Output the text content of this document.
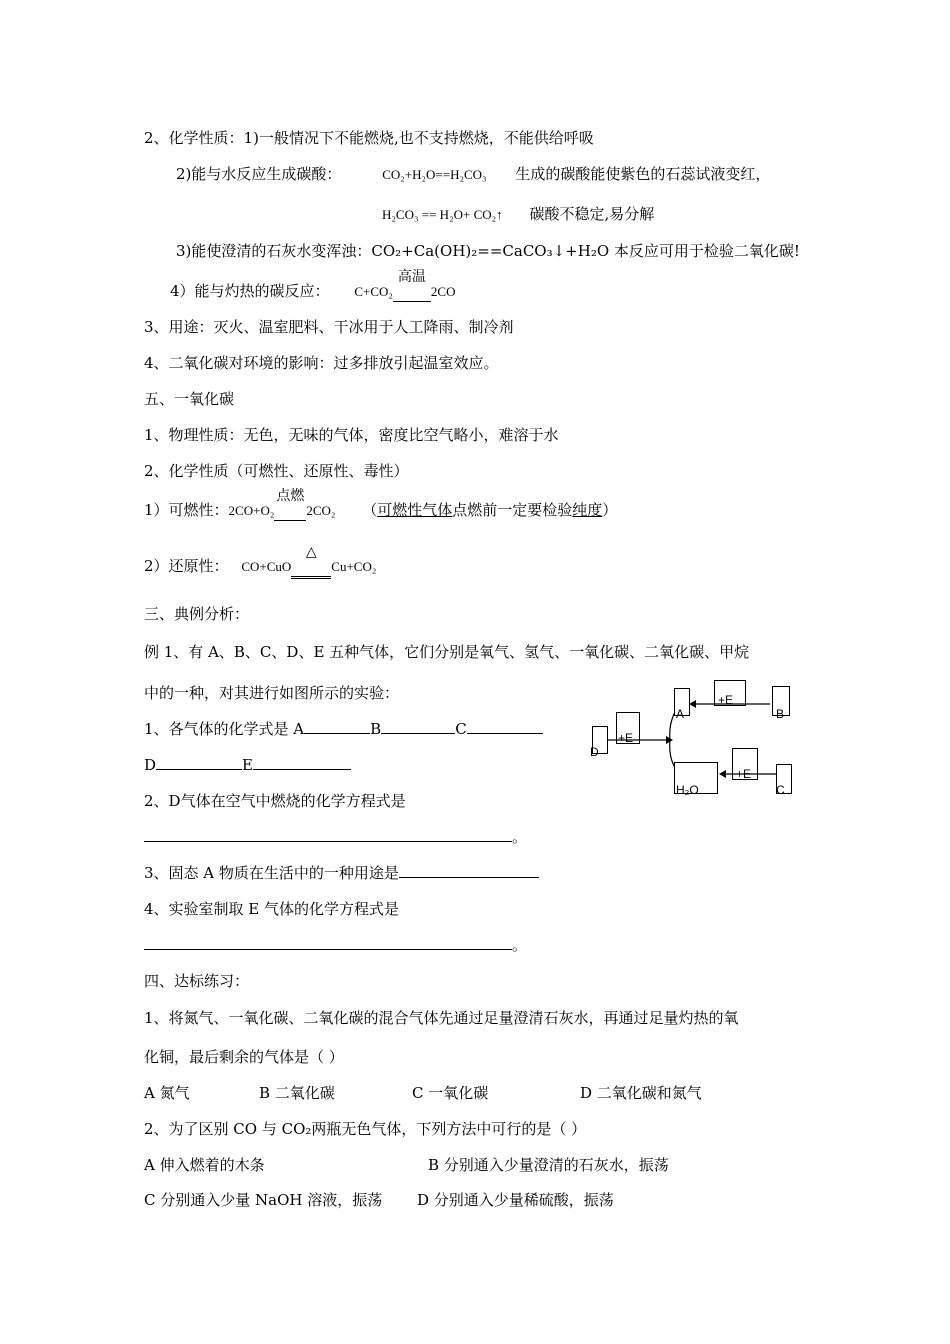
2、化学性质：1)一般情况下不能燃烧,也不支持燃烧，不能供给呼吸
2)能与水反应生成碳酸：	CO₂+H₂O==H₂CO₃ 生成的碳酸能使紫色的石蕊试液变红，
H₂CO₃ == H₂O+ CO₂↑ 碳酸不稳定,易分解
3)能使澄清的石灰水变浑浊：CO₂+Ca(OH)₂==CaCO₃↓+H₂O 本反应可用于检验二氧化碳!
4）能与灼热的碳反应： C+CO₂
高温
2CO
3、用途：灭火、温室肥料、干冰用于人工降雨、制冷剂
4、二氧化碳对环境的影响：过多排放引起温室效应。
五、一氧化碳
1、物理性质：无色，无味的气体，密度比空气略小，难溶于水
2、化学性质（可燃性、还原性、毒性）
1）可燃性：2CO+O₂
点燃
2CO₂ （可燃性气体点燃前一定要检验纯度）
2）还原性： CO+CuO
△
Cu+CO₂
三、典例分析：
例 1、有 A、B、C、D、E 五种气体，它们分别是氧气、氢气、一氧化碳、二氧化碳、甲烷
中的一种，对其进行如图所示的实验：
1、各气体的化学式是 A	B	C
D	E
2、D气体在空气中燃烧的化学方程式是
。
3、固态 A 物质在生活中的一种用途是
4、实验室制取 E 气体的化学方程式是
。
A
+E
B
+E
D
+E
H₂O	C
四、达标练习：
1、将氮气、一氧化碳、二氧化碳的混合气体先通过足量澄清石灰水，再通过足量灼热的氧
化铜，最后剩余的气体是（ ）
A 氮气	B 二氧化碳	C 一氧化碳	D 二氧化碳和氮气
2、为了区别 CO 与 CO₂两瓶无色气体，下列方法中可行的是（ ）
A 伸入燃着的木条	B 分别通入少量澄清的石灰水，振荡
C 分别通入少量 NaOH 溶液，振荡 D 分别通入少量稀硫酸，振荡
